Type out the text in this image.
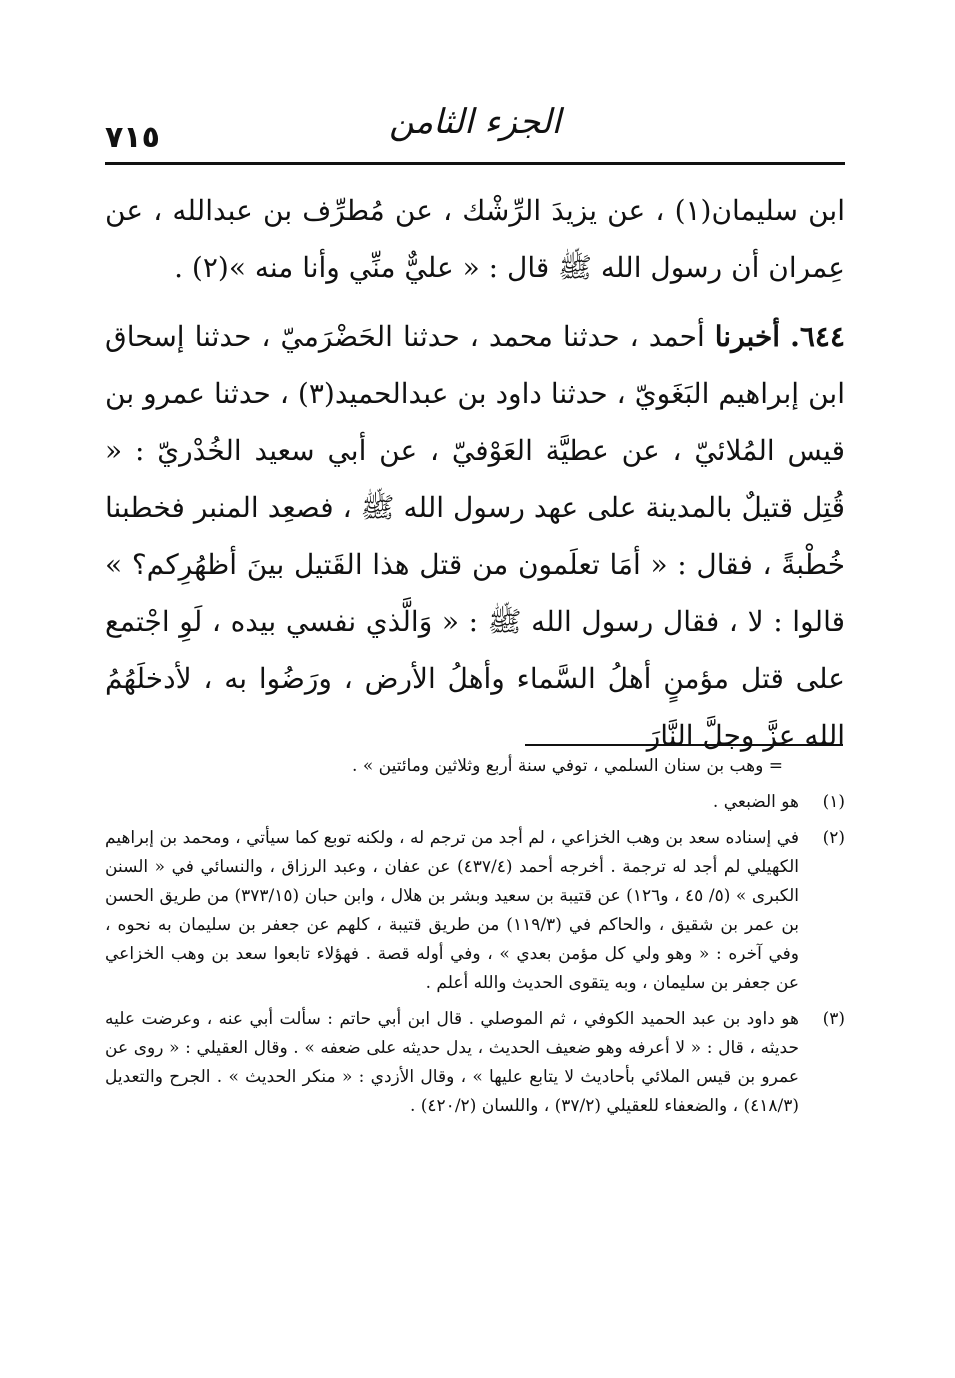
٧١٥	الجزء الثامن

ابن سليمان(١) ، عن يزيدَ الرِّشْك ، عن مُطرِّف بن عبدالله ، عن عِمران أن رسول الله ﷺ قال : « عليٌّ منِّي وأنا منه »(٢) .

٦٤٤. أخبرنا أحمد ، حدثنا محمد ، حدثنا الحَضْرَميّ ، حدثنا إسحاق ابن إبراهيم البَغَويّ ، حدثنا داود بن عبدالحميد(٣) ، حدثنا عمرو بن قيس المُلائيّ ، عن عطيَّة العَوْفيّ ، عن أبي سعيد الخُدْريّ : « قُتِل قتيلٌ بالمدينة على عهد رسول الله ﷺ ، فصعِد المنبر فخطبنا خُطْبةً ، فقال : « أمَا تعلَمون من قتل هذا القَتيل بينَ أظهُرِكم؟ » قالوا : لا ، فقال رسول الله ﷺ : « وَالَّذي نفسي بيده ، لَوِ اجْتمع على قتل مؤمنٍ أهلُ السَّماء وأهلُ الأرض ، ورَضُوا به ، لأدخلَهُمُ الله عزَّ وجلَّ النَّارَ

= وهب بن سنان السلمي ، توفي سنة أربع وثلاثين ومائتين » .
(١)
هو الضبعي .
(٢)
في إسناده سعد بن وهب الخزاعي ، لم أجد من ترجم له ، ولكنه توبع كما سيأتي ، ومحمد بن إبراهيم الكهيلي لم أجد له ترجمة . أخرجه أحمد (٤٣٧/٤) عن عفان ، وعبد الرزاق ، والنسائي في « السنن الكبرى » (٥/ ٤٥ ، و١٢٦) عن قتيبة بن سعيد وبشر بن هلال ، وابن حبان (٣٧٣/١٥) من طريق الحسن بن عمر بن شقيق ، والحاكم في (١١٩/٣) من طريق قتيبة ، كلهم عن جعفر بن سليمان به نحوه ، وفي آخره : « وهو ولي كل مؤمن بعدي » ، وفي أوله قصة . فهؤلاء تابعوا سعد بن وهب الخزاعي عن جعفر بن سليمان ، وبه يتقوى الحديث والله أعلم .
(٣)
هو داود بن عبد الحميد الكوفي ، ثم الموصلي . قال ابن أبي حاتم : سألت أبي عنه ، وعرضت عليه حديثه ، قال : « لا أعرفه وهو ضعيف الحديث ، يدل حديثه على ضعفه » . وقال العقيلي : « روى عن عمرو بن قيس الملائي بأحاديث لا يتابع عليها » ، وقال الأزدي : « منكر الحديث » . الجرح والتعديل (٤١٨/٣) ، والضعفاء للعقيلي (٣٧/٢) ، واللسان (٤٢٠/٢) .
